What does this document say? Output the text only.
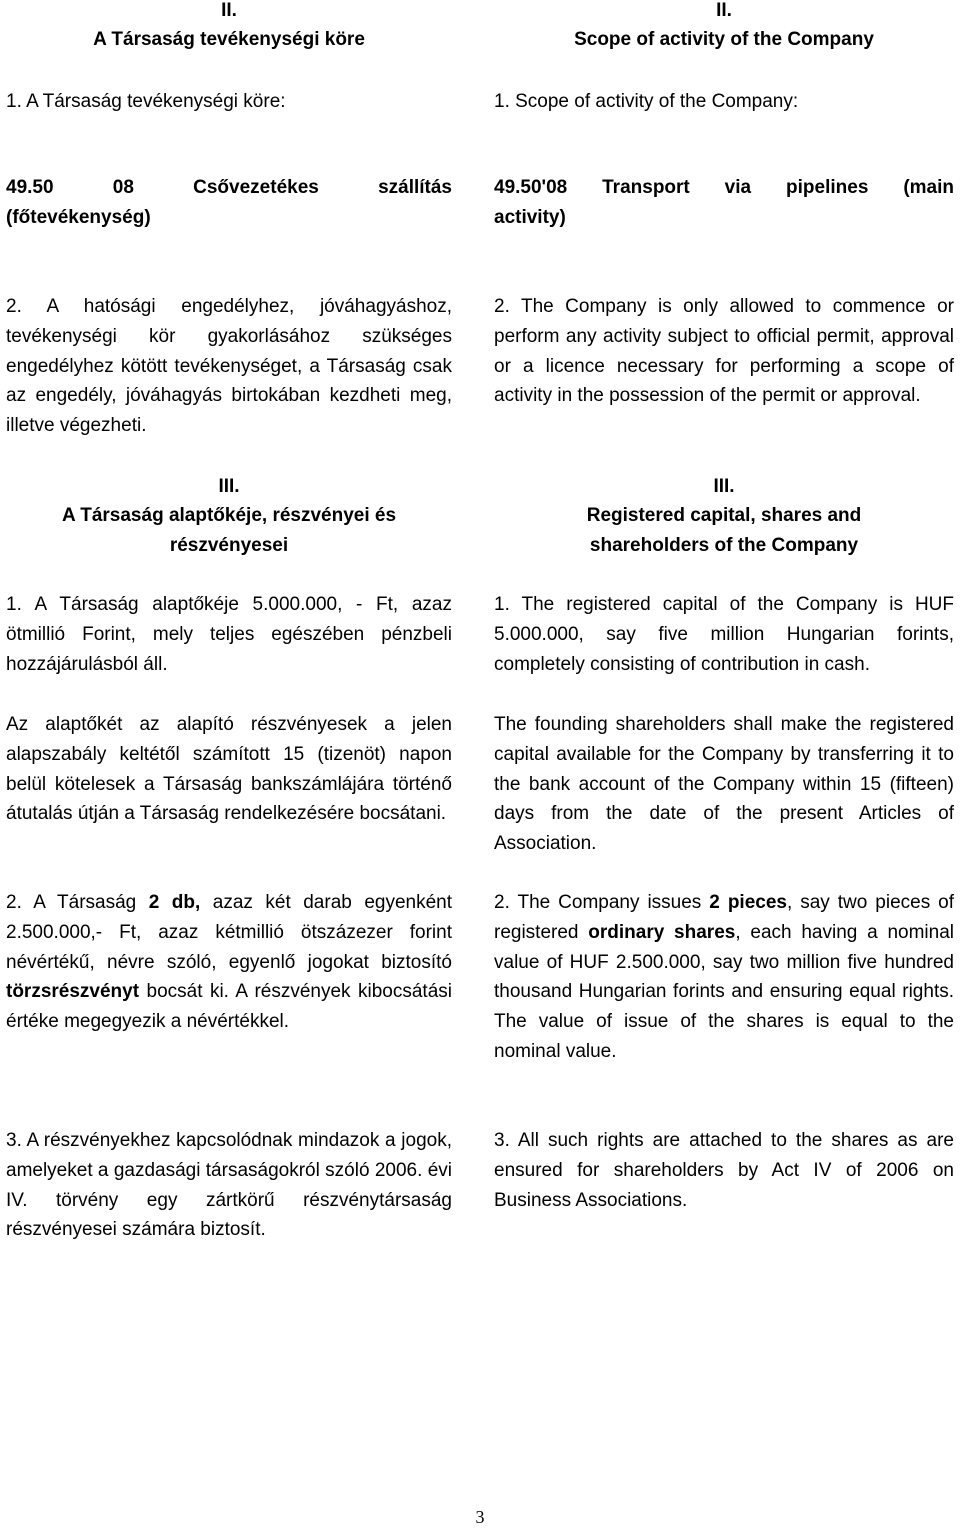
II.
A Társaság tevékenységi köre
1. A Társaság tevékenységi köre:
49.50 08 Csővezetékes szállítás
(főtevékenység)

2. A hatósági engedélyhez, jóváhagyáshoz, tevékenységi kör gyakorlásához szükséges engedélyhez kötött tevékenységet, a Társaság csak az engedély, jóváhagyás birtokában kezdheti meg, illetve végezheti.

III.
A Társaság alaptőkéje, részvényei és részvényesei

1. A Társaság alaptőkéje 5.000.000, - Ft, azaz ötmillió Forint, mely teljes egészében pénzbeli hozzájárulásból áll.

Az alaptőkét az alapító részvényesek a jelen alapszabály keltétől számított 15 (tizenöt) napon belül kötelesek a Társaság bankszámlájára történő átutalás útján a Társaság rendelkezésére bocsátani.

2. A Társaság 2 db, azaz két darab egyenként 2.500.000,- Ft, azaz kétmillió ötszázezer forint névértékű, névre szóló, egyenlő jogokat biztosító törzsrészvényt bocsát ki. A részvények kibocsátási értéke megegyezik a névértékkel.

3. A részvényekhez kapcsolódnak mindazok a jogok, amelyeket a gazdasági társaságokról szóló 2006. évi IV. törvény egy zártkörű részvénytársaság részvényesei számára biztosít.

II.
Scope of activity of the Company
1. Scope of activity of the Company:
49.50'08 Transport via pipelines (main
activity)

2. The Company is only allowed to commence or perform any activity subject to official permit, approval or a licence necessary for performing a scope of activity in the possession of the permit or approval.

III.
Registered capital, shares and shareholders of the Company

1. The registered capital of the Company is HUF 5.000.000, say five million Hungarian forints, completely consisting of contribution in cash.

The founding shareholders shall make the registered capital available for the Company by transferring it to the bank account of the Company within 15 (fifteen) days from the date of the present Articles of Association.

2. The Company issues 2 pieces, say two pieces of registered ordinary shares, each having a nominal value of HUF 2.500.000, say two million five hundred thousand Hungarian forints and ensuring equal rights. The value of issue of the shares is equal to the nominal value.

3. All such rights are attached to the shares as are ensured for shareholders by Act IV of 2006 on Business Associations.

3
